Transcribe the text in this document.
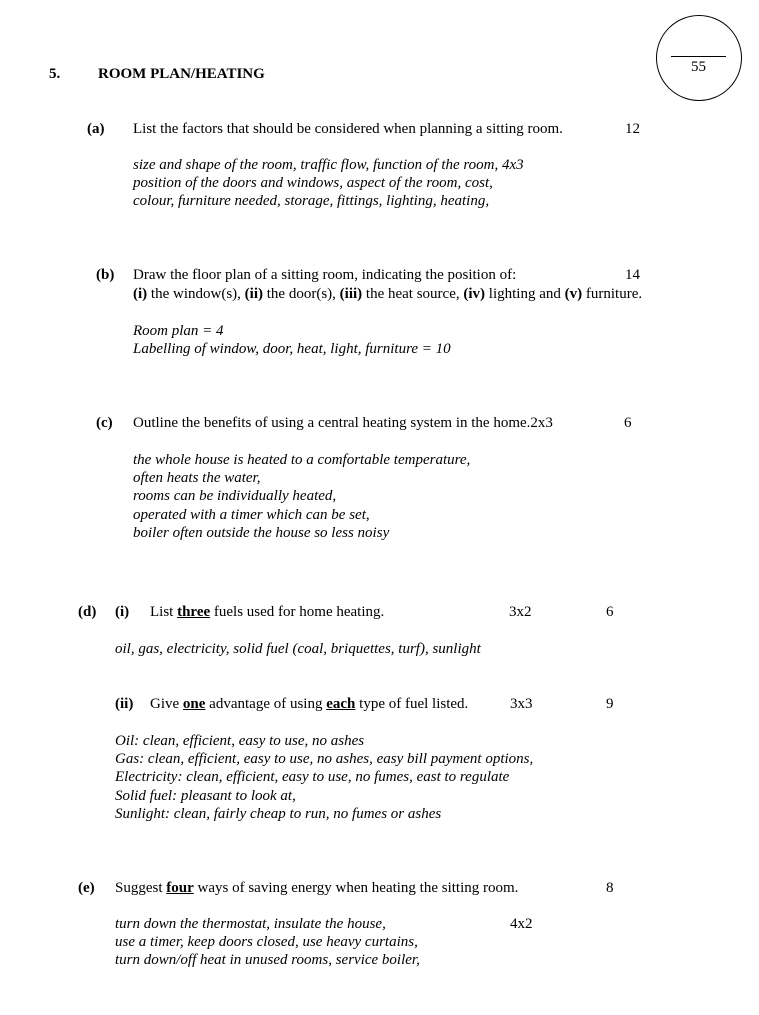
55
5.	ROOM PLAN/HEATING
(a) List the factors that should be considered when planning a sitting room.	12
size and shape of the room, traffic flow, function of the room, 4x3
position of the doors and windows, aspect of the room, cost,
colour, furniture needed, storage, fittings, lighting, heating,
(b) Draw the floor plan of a sitting room, indicating the position of:	14
(i) the window(s), (ii) the door(s), (iii) the heat source, (iv) lighting and (v) furniture.
Room plan = 4
Labelling of window, door, heat, light, furniture = 10
(c) Outline the benefits of using a central heating system in the home.2x3	6
the whole house is heated to a comfortable temperature,
often heats the water,
rooms can be individually heated,
operated with a timer which can be set,
boiler often outside the house so less noisy
(d) (i) List three fuels used for home heating.	3x2	6
oil, gas, electricity, solid fuel (coal, briquettes, turf), sunlight
(ii) Give one advantage of using each type of fuel listed.	3x3	9
Oil: clean, efficient, easy to use, no ashes
Gas: clean, efficient, easy to use, no ashes, easy bill payment options,
Electricity: clean, efficient, easy to use, no fumes, east to regulate
Solid fuel: pleasant to look at,
Sunlight: clean, fairly cheap to run, no fumes or ashes
(e) Suggest four ways of saving energy when heating the sitting room.	8
4x2
turn down the thermostat, insulate the house,
use a timer, keep doors closed, use heavy curtains,
turn down/off heat in unused rooms, service boiler,
